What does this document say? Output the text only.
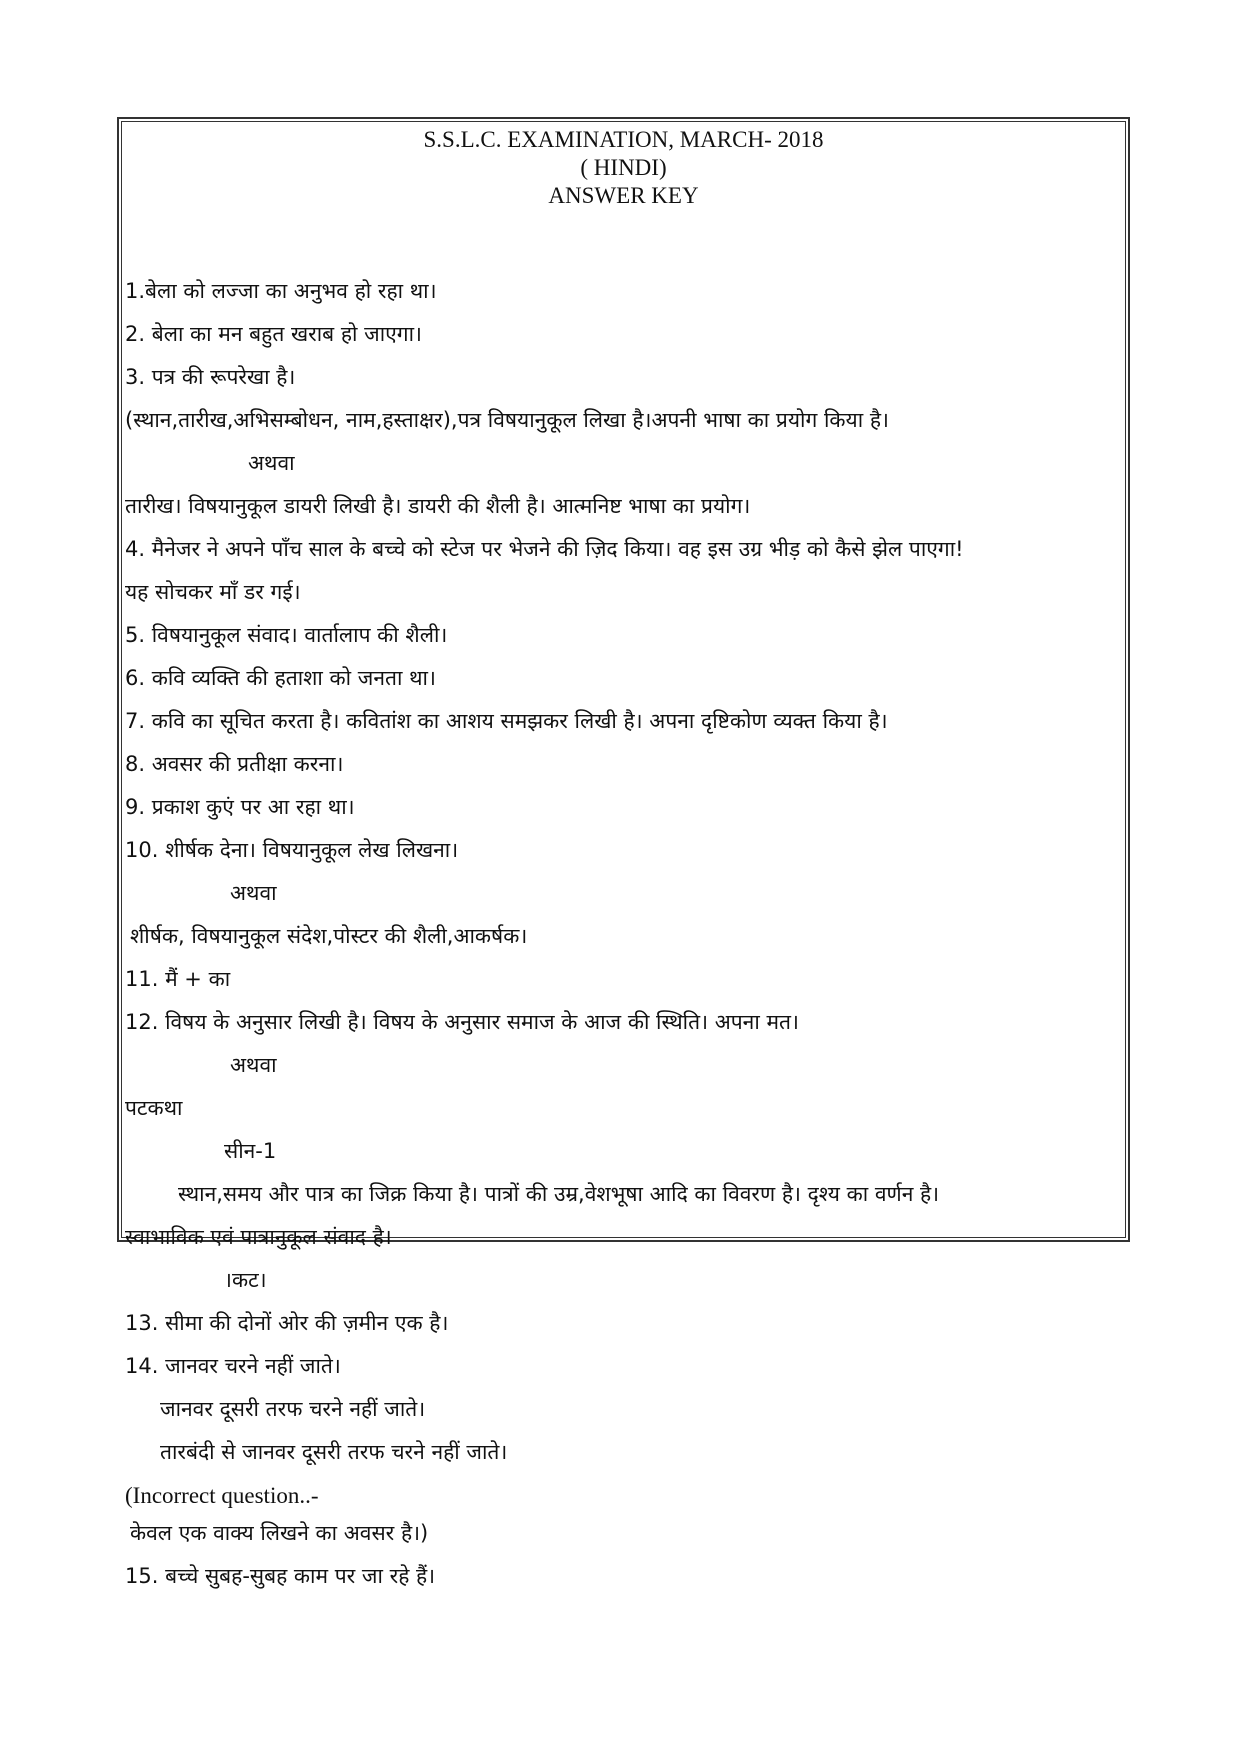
S.S.L.C. EXAMINATION, MARCH- 2018
( HINDI)
ANSWER KEY
1.बेला को लज्जा का अनुभव हो रहा था।
2. बेला का मन बहुत खराब हो जाएगा।
3. पत्र की रूपरेखा है।
(स्थान,तारीख,अभिसम्बोधन, नाम,हस्ताक्षर),पत्र विषयानुकूल लिखा है।अपनी भाषा का प्रयोग किया है।
अथवा
तारीख। विषयानुकूल डायरी लिखी है। डायरी की शैली है। आत्मनिष्ट भाषा का प्रयोग।
4. मैनेजर ने अपने पाँच साल के बच्चे को स्टेज पर भेजने की ज़िद किया। वह इस उग्र भीड़ को कैसे झेल पाएगा!
यह सोचकर माँ डर गई।
5. विषयानुकूल संवाद। वार्तालाप की शैली।
6. कवि व्यक्ति की हताशा को जनता था।
7. कवि का सूचित करता है। कवितांश का आशय समझकर लिखी है। अपना दृष्टिकोण व्यक्त किया है।
8. अवसर की प्रतीक्षा करना।
9. प्रकाश कुएं पर आ रहा था।
10. शीर्षक देना। विषयानुकूल लेख लिखना।
अथवा
शीर्षक, विषयानुकूल संदेश,पोस्टर की शैली,आकर्षक।
11. मैं + का
12. विषय के अनुसार लिखी है। विषय के अनुसार समाज के आज की स्थिति। अपना मत।
अथवा
पटकथा
सीन-1
स्थान,समय और पात्र का जिक्र किया है। पात्रों की उम्र,वेशभूषा आदि का विवरण है। दृश्य का वर्णन है।
स्वाभाविक एवं पात्रानुकूल संवाद है।
।कट।
13. सीमा की दोनों ओर की ज़मीन एक है।
14. जानवर चरने नहीं जाते।
जानवर दूसरी तरफ चरने नहीं जाते।
तारबंदी से जानवर दूसरी तरफ चरने नहीं जाते।
(Incorrect question..-
केवल एक वाक्य लिखने का अवसर है।)
15. बच्चे सुबह-सुबह काम पर जा रहे हैं।
